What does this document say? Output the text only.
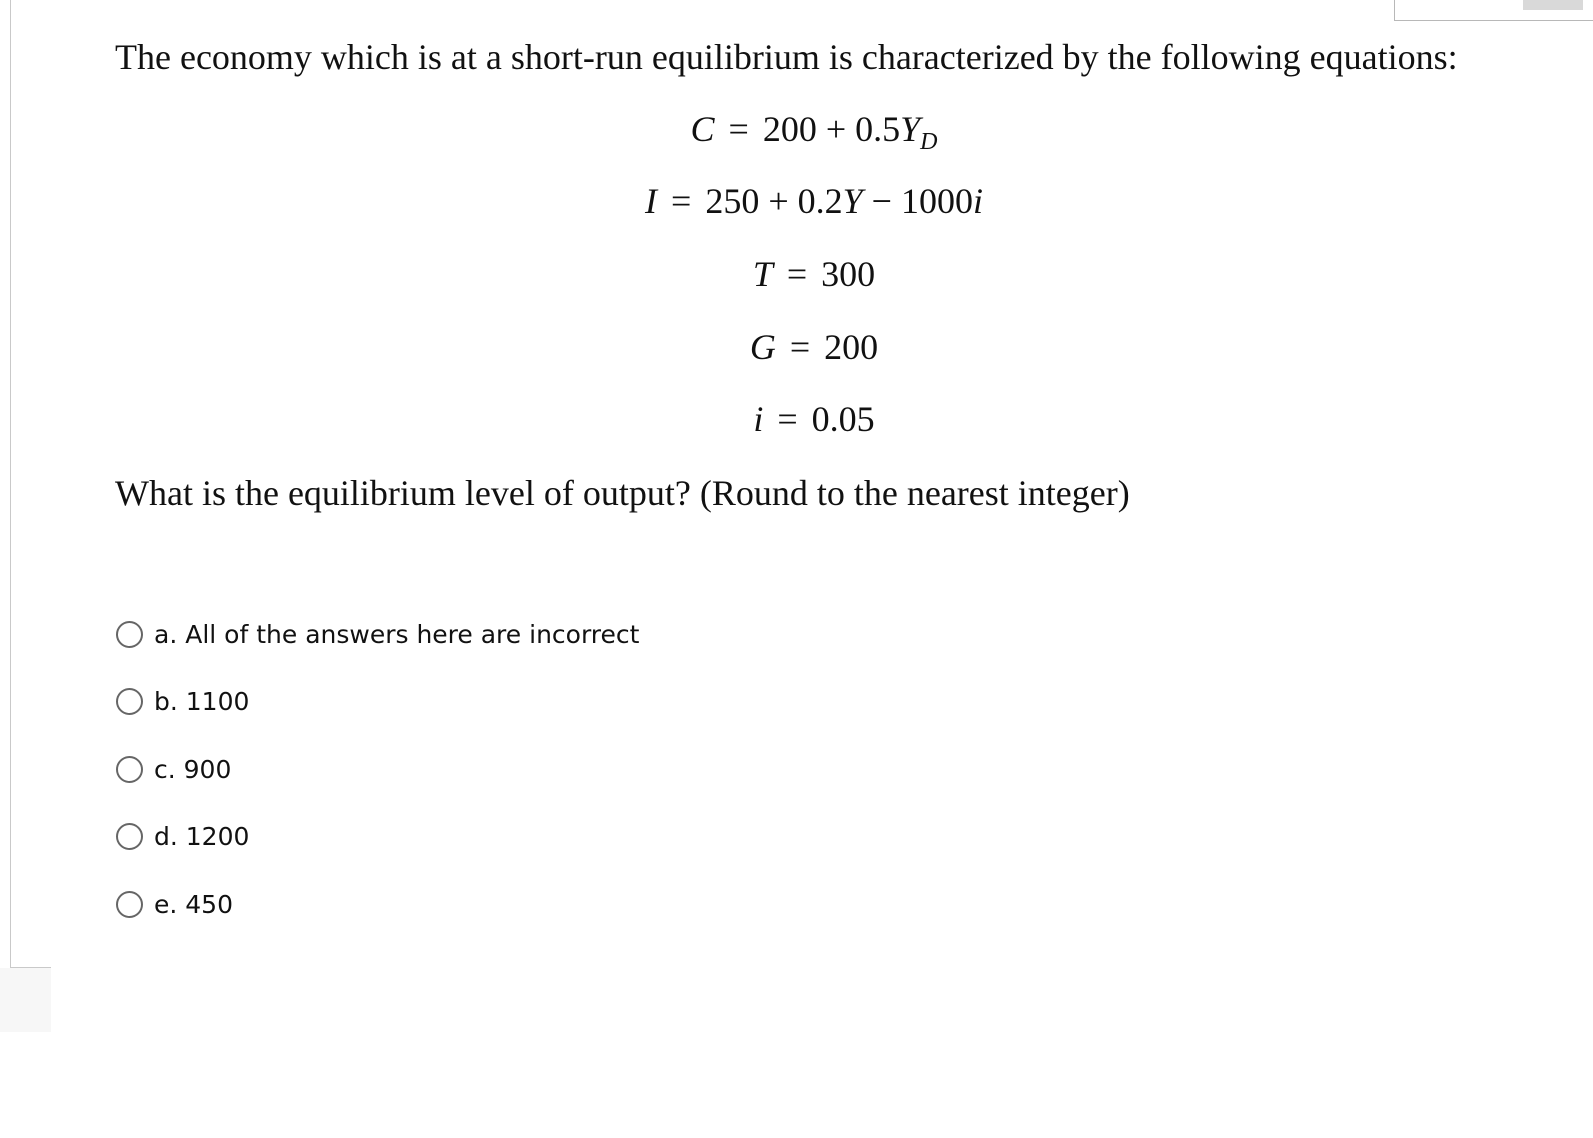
The economy which is at a short-run equilibrium is characterized by the following equations:
$C = 200 + 0.5Y_D$
I = 250 + 0.2Y − 1000i
T = 300
G = 200
i = 0.05
What is the equilibrium level of output? (Round to the nearest integer)
a. All of the answers here are incorrect
b. 1100
c. 900
d. 1200
e. 450
